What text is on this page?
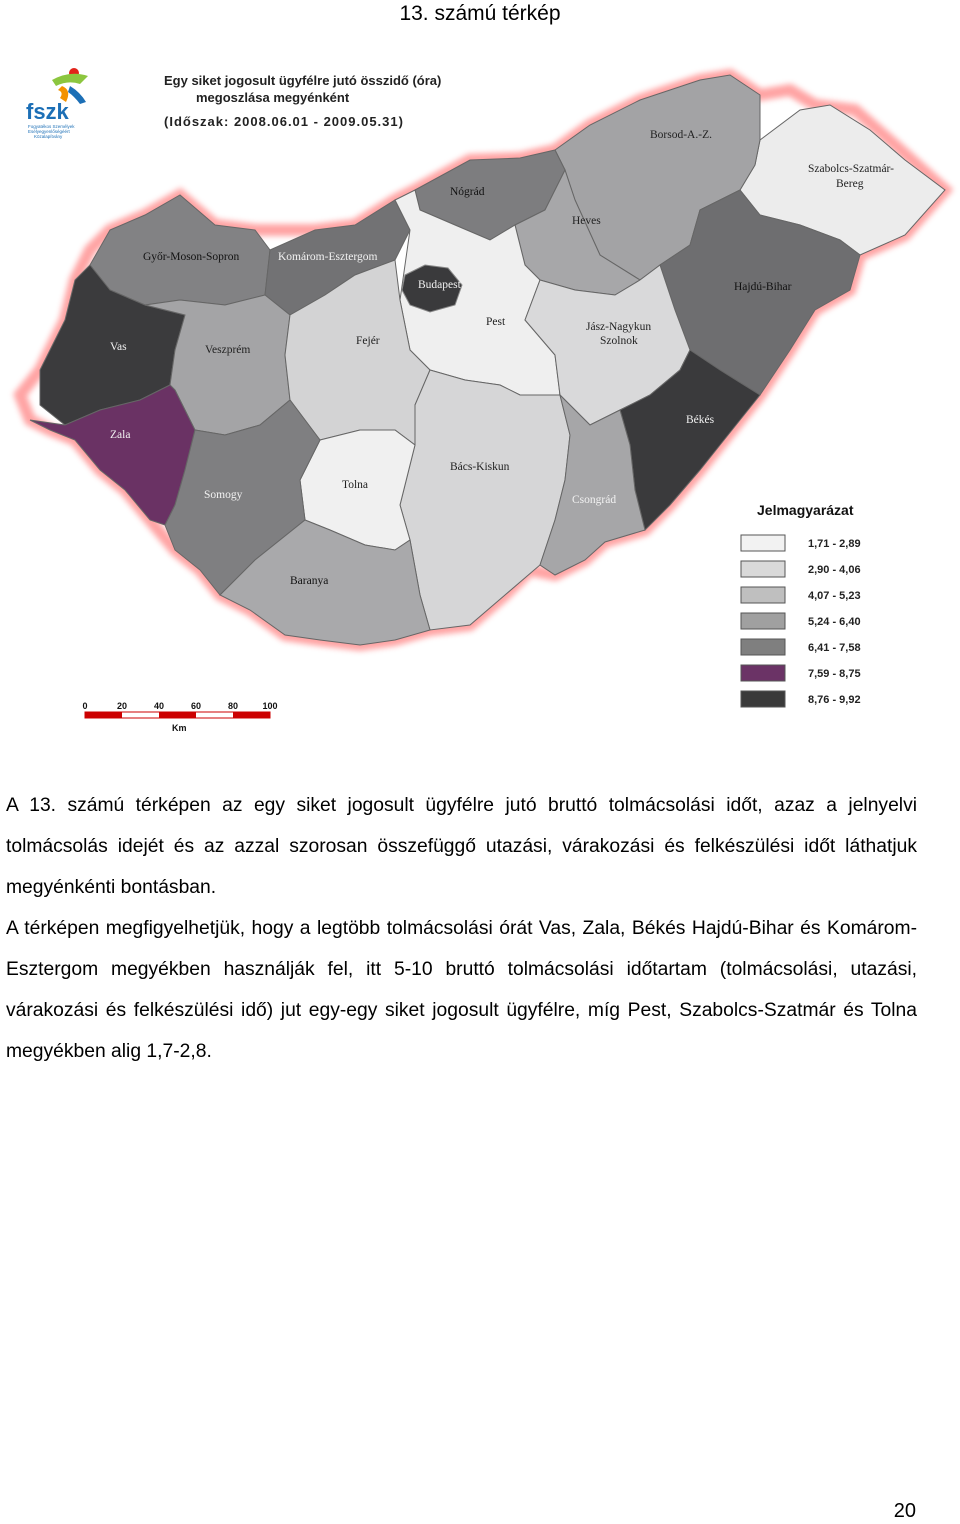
13. számú térkép
fszk
Fogyatékos Személyek
Esélyegyenlőségéért
Közalapítvány
Egy siket jogosult ügyfélre jutó összidő (óra)
megoszlása megyénként
(Időszak: 2008.06.01 - 2009.05.31)
Borsod-A.-Z.
Szabolcs-Szatmár-
Bereg
Nógrád
Heves
Győr-Moson-Sopron	Komárom-Esztergom
Budapest
Pest
Hajdú-Bihar
Jász-Nagykun
Szolnok
Vas	Veszprém
Fejér
Zala
Békés
Bács-Kiskun
Tolna
Somogy	Csongrád
Baranya
Jelmagyarázat
1,71 - 2,89
2,90 - 4,06
4,07 - 5,23
5,24 - 6,40
6,41 - 7,58
7,59 - 8,75
8,76 - 9,92
0	20	40	60	80	100
Km

A 13. számú térképen az egy siket jogosult ügyfélre jutó bruttó tolmácsolási időt, azaz a jelnyelvi tolmácsolás idejét és az azzal szorosan összefüggő utazási, várakozási és felkészülési időt láthatjuk megyénkénti bontásban.

A térképen megfigyelhetjük, hogy a legtöbb tolmácsolási órát Vas, Zala, Békés Hajdú-Bihar és Komárom-Esztergom megyékben használják fel, itt 5-10 bruttó tolmácsolási időtartam (tolmácsolási, utazási, várakozási és felkészülési idő) jut egy-egy siket jogosult ügyfélre, míg Pest, Szabolcs-Szatmár és Tolna megyékben alig 1,7-2,8.

20
